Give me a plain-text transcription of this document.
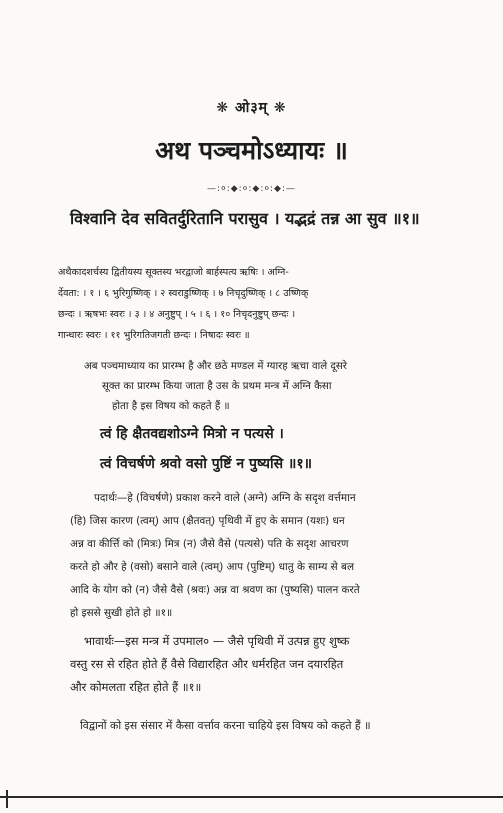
❋ ओ३म् ❋
अथ पञ्चमोऽध्यायः ॥
—:०:◆:०:◆:०:◆:—
विश्वानि देव सवितर्दुरितानि परासुव । यद्भद्रं तन्न आ सुव ॥१॥
अथैकादशर्चस्य द्वितीयस्य सूक्तस्य भरद्वाजो बार्हस्पत्य ऋषिः । अग्नि-
र्देवता: । १ । ६ भुरिगुष्णिक् । २ स्वराडुष्णिक् । ७ निचृदुष्णिक् । ८ उष्णिक्
छन्दः । ऋषभः स्वरः । ३ । ४ अनुष्टुप् । ५ । ६ । १० निचृदनुष्टुप् छन्दः ।
गान्धारः स्वरः । ११ भुरिगतिजगती छन्दः । निषादः स्वरः ॥
अब पञ्चमाध्याय का प्रारम्भ है और छठे मण्डल में ग्यारह ऋचा वाले दूसरे
सूक्त का प्रारम्भ किया जाता है उस के प्रथम मन्त्र में अग्नि कैसा
होता है इस विषय को कहते हैं ॥
त्वं हि क्षैतवद्यशोऽग्ने मित्रो न पत्यसे ।
त्वं विचर्षणे श्रवो वसो पुष्टिं न पुष्यसि ॥१॥
पदार्थः—हे (विचर्षणे) प्रकाश करने वाले (अग्ने) अग्नि के सदृश वर्त्तमान
(हि) जिस कारण (त्वम्) आप (क्षैतवत्) पृथिवी में हुए के समान (यशः) धन
अन्न वा कीर्त्ति को (मित्रः) मित्र (न) जैसे वैसे (पत्यसे) पति के सदृश आचरण
करते हो और हे (वसो) बसाने वाले (त्वम्) आप (पुष्टिम्) धातु के साम्य से बल
आदि के योग को (न) जैसे वैसे (श्रवः) अन्न वा श्रवण का (पुष्यसि) पालन करते
हो इससे सुखी होते हो ॥१॥
भावार्थः—इस मन्त्र में उपमाल० — जैसे पृथिवी में उत्पन्न हुए शुष्क
वस्तु रस से रहित होते हैं वैसे विद्यारहित और धर्मरहित जन दयारहित
और कोमलता रहित होते हैं ॥१॥
विद्वानों को इस संसार में कैसा वर्त्ताव करना चाहिये इस विषय को कहते हैं ॥
